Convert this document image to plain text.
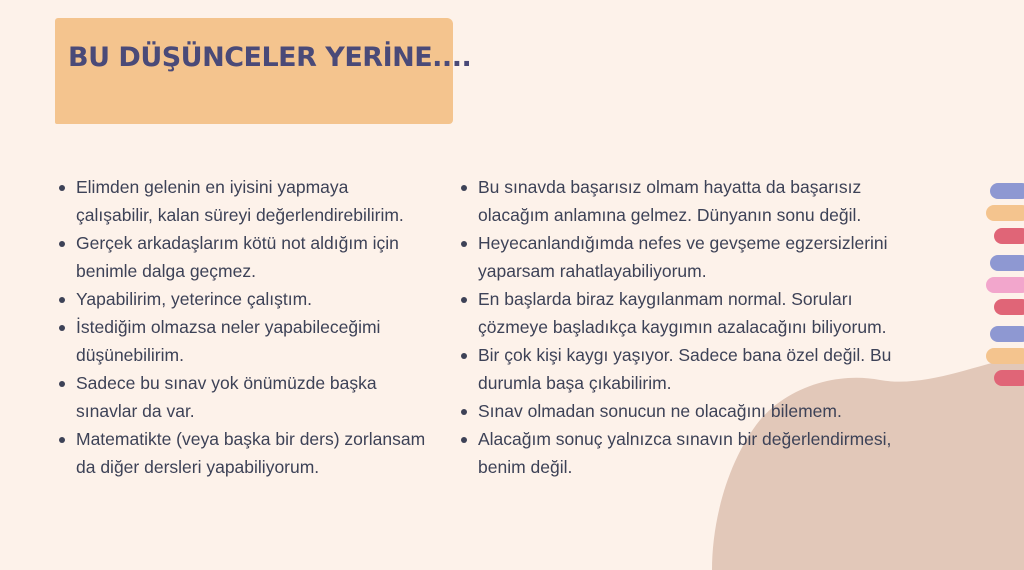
BU DÜŞÜNCELER YERİNE....
Elimden gelenin en iyisini yapmaya çalışabilir, kalan süreyi değerlendirebilirim.
Gerçek arkadaşlarım kötü not aldığım için benimle dalga geçmez.
Yapabilirim, yeterince çalıştım.
İstediğim olmazsa neler yapabileceğimi düşünebilirim.
Sadece bu sınav yok önümüzde başka sınavlar da var.
Matematikte (veya başka bir ders) zorlansam da diğer dersleri yapabiliyorum.
Bu sınavda başarısız olmam hayatta da başarısız olacağım anlamına gelmez. Dünyanın sonu değil.
Heyecanlandığımda nefes ve gevşeme egzersizlerini yaparsam rahatlayabiliyorum.
En başlarda biraz kaygılanmam normal. Soruları çözmeye başladıkça kaygımın azalacağını biliyorum.
Bir çok kişi kaygı yaşıyor. Sadece bana özel değil. Bu durumla başa çıkabilirim.
Sınav olmadan sonucun ne olacağını bilemem.
Alacağım sonuç yalnızca sınavın bir değerlendirmesi, benim değil.
